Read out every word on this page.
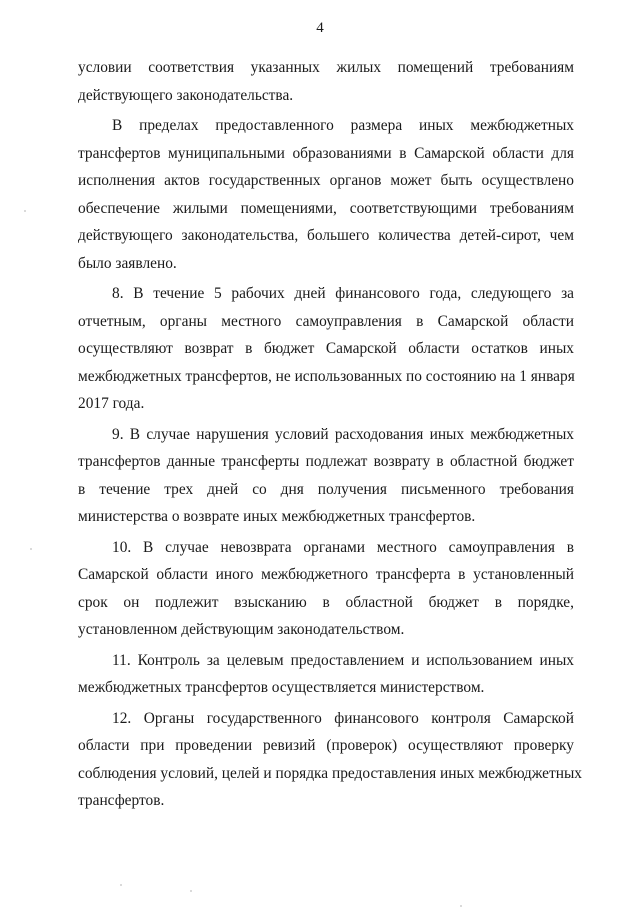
4
условии соответствия указанных жилых помещений требованиям
действующего законодательства.
В пределах предоставленного размера иных межбюджетных
трансфертов муниципальными образованиями в Самарской области для
исполнения актов государственных органов может быть осуществлено
обеспечение жилыми помещениями, соответствующими требованиям
действующего законодательства, большего количества детей-сирот, чем
было заявлено.
8. В течение 5 рабочих дней финансового года, следующего за
отчетным, органы местного самоуправления в Самарской области
осуществляют возврат в бюджет Самарской области остатков иных
межбюджетных трансфертов, не использованных по состоянию на 1 января
2017 года.
9. В случае нарушения условий расходования иных межбюджетных
трансфертов данные трансферты подлежат возврату в областной бюджет
в течение трех дней со дня получения письменного требования
министерства о возврате иных межбюджетных трансфертов.
10. В случае невозврата органами местного самоуправления в
Самарской области иного межбюджетного трансферта в установленный
срок он подлежит взысканию в областной бюджет в порядке,
установленном действующим законодательством.
11. Контроль за целевым предоставлением и использованием иных
межбюджетных трансфертов осуществляется министерством.
12. Органы государственного финансового контроля Самарской
области при проведении ревизий (проверок) осуществляют проверку
соблюдения условий, целей и порядка предоставления иных межбюджетных
трансфертов.
